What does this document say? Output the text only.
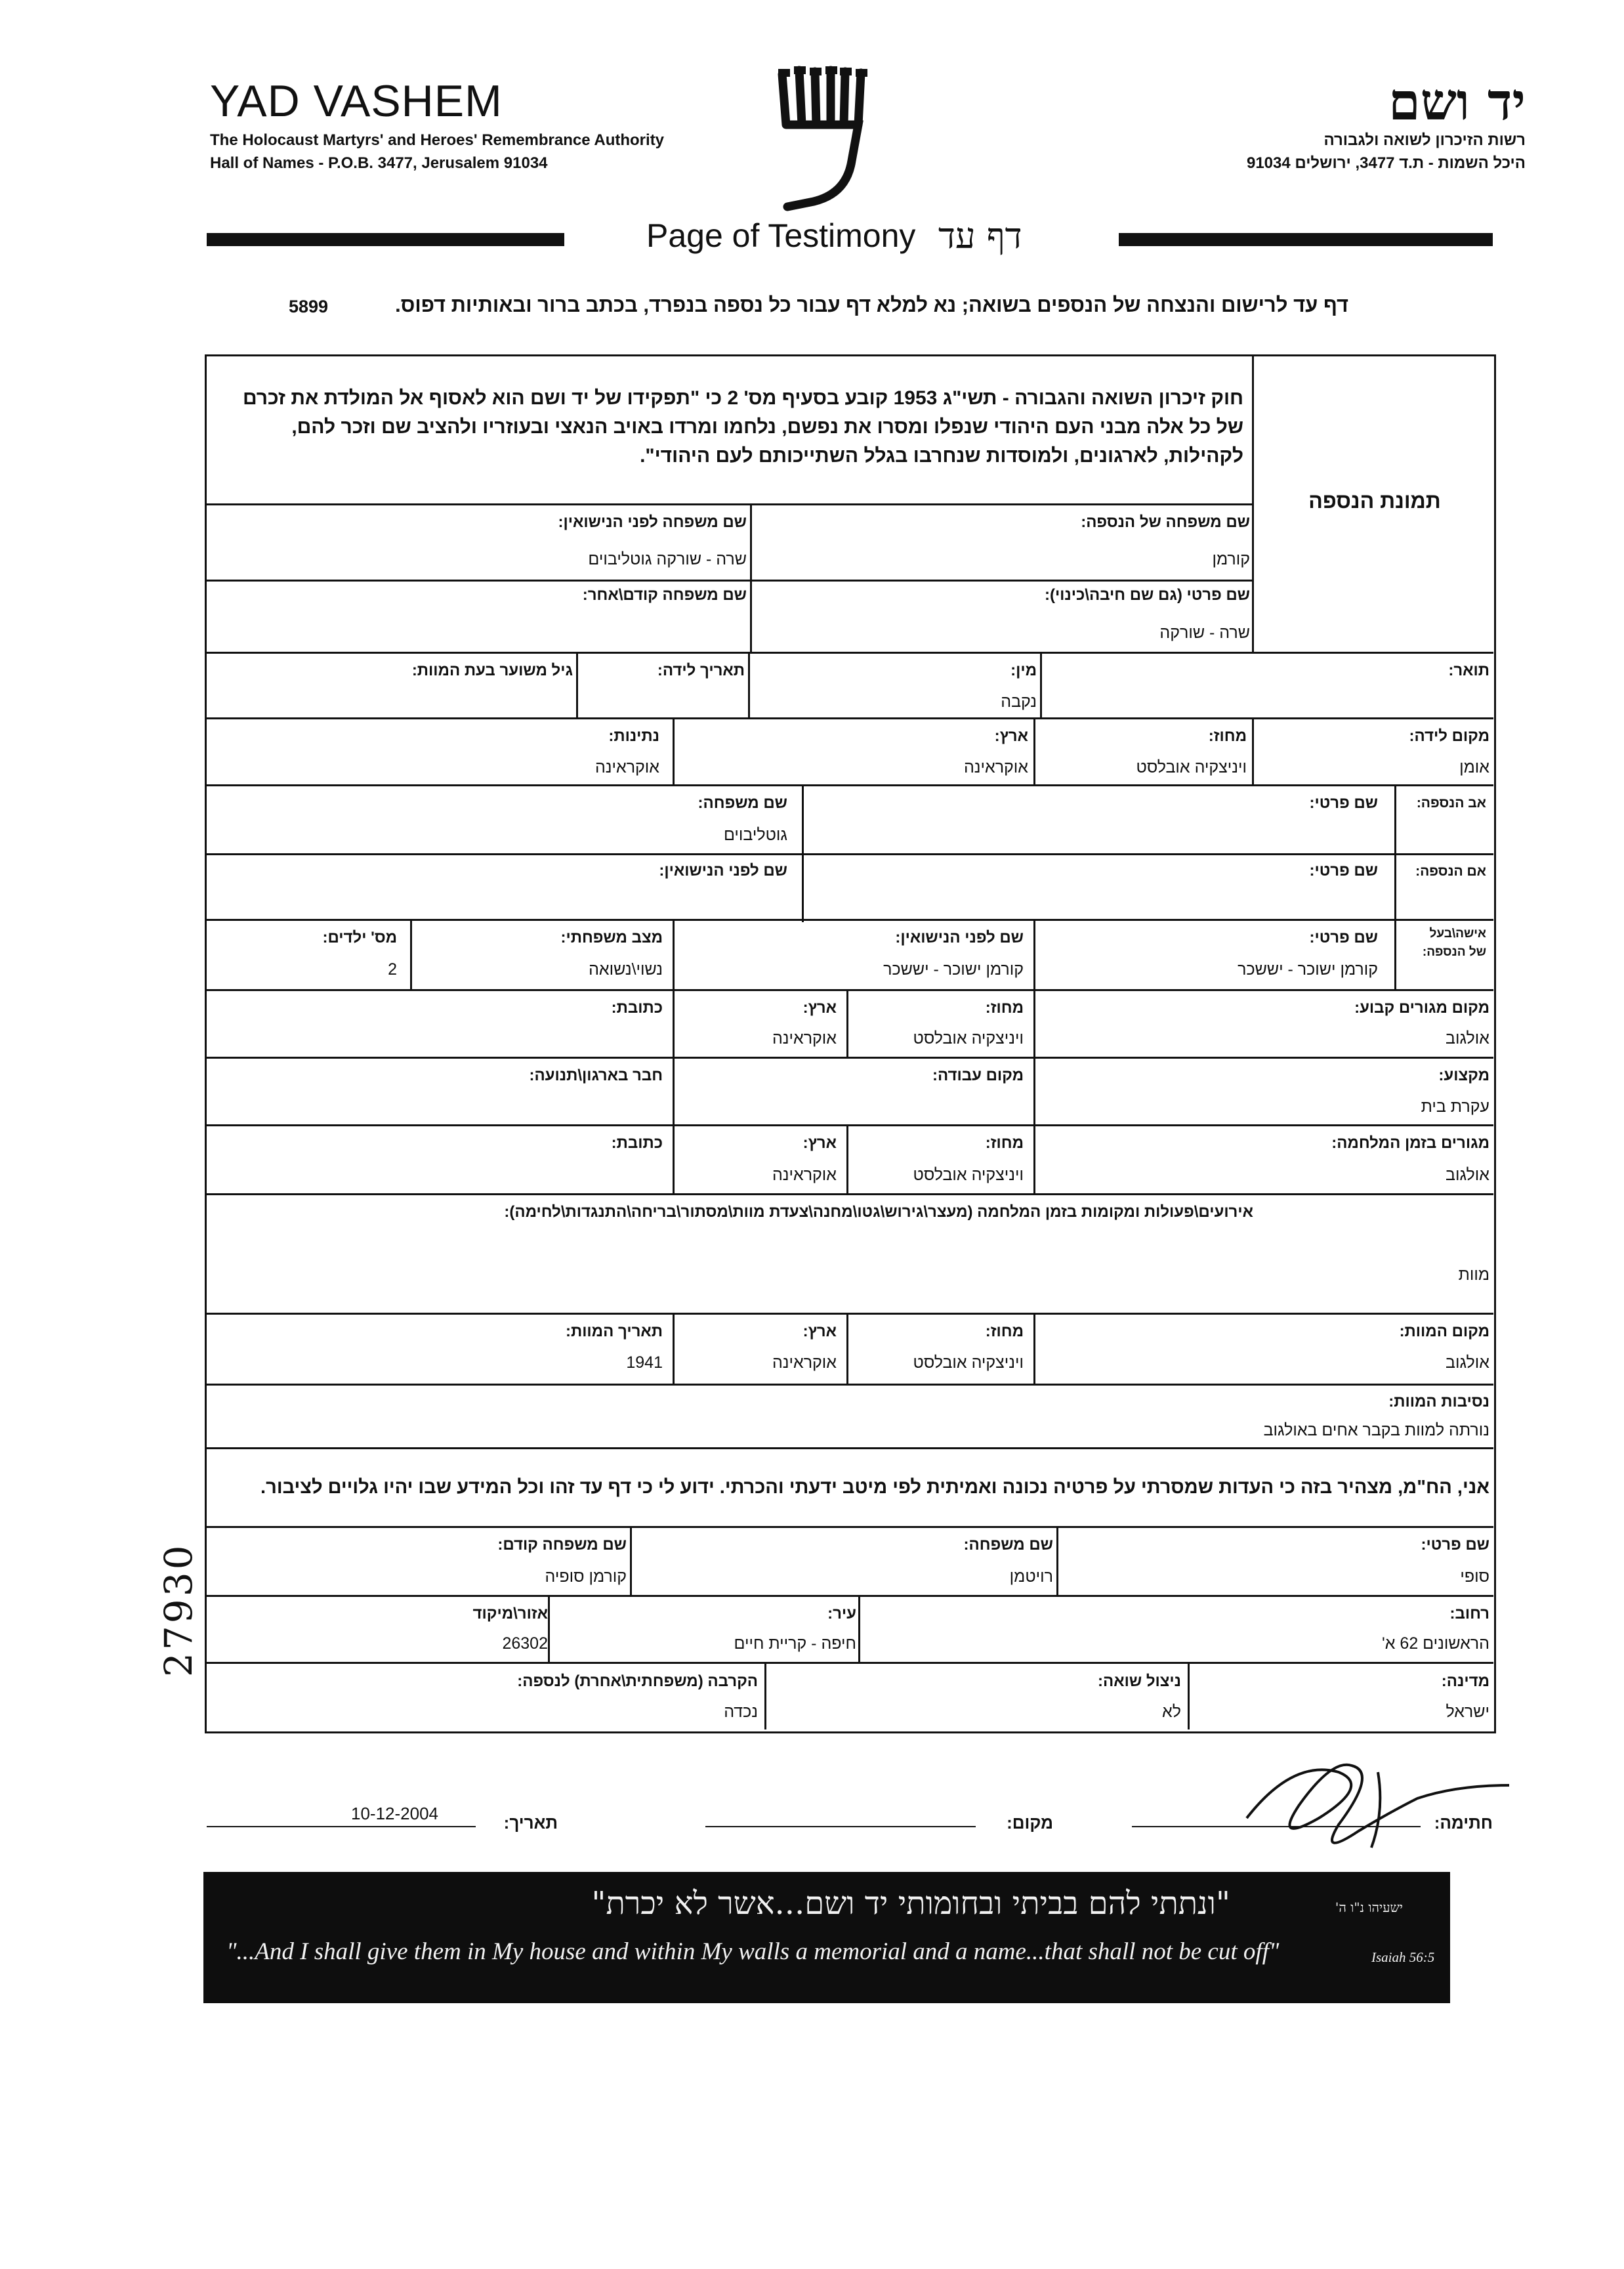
YAD VASHEM
The Holocaust Martyrs' and Heroes' Remembrance Authority
Hall of Names - P.O.B. 3477, Jerusalem 91034
יד ושם
רשות הזיכרון לשואה ולגבורה
היכל השמות - ת.ד 3477, ירושלים 91034
Page of Testimony דף עד
דף עד לרישום והנצחה של הנספים בשואה; נא למלא דף עבור כל נספה בנפרד, בכתב ברור ובאותיות דפוס.
5899
חוק זיכרון השואה והגבורה - תשי"ג 1953 קובע בסעיף מס' 2 כי "תפקידו של יד ושם הוא לאסוף אל המולדת את זכרם של כל אלה מבני העם היהודי שנפלו ומסרו את נפשם, נלחמו ומרדו באויב הנאצי ובעוזריו ולהציב שם וזכר להם, לקהילות, לארגונים, ולמוסדות שנחרבו בגלל השתייכותם לעם היהודי".
תמונת הנספה
שם משפחה של הנספה:
קורמן
שם משפחה לפני הנישואין:
שרה - שורקה גוטליבוים
שם פרטי (גם שם חיבה\כינוי):
שרה - שורקה
שם משפחה קודם\אחר:
תואר:
מין:
נקבה
תאריך לידה:
גיל משוער בעת המוות:
מקום לידה:
אומן
מחוז:
ויניצקיה אובלסט
ארץ:
אוקראינה
נתינות:
אוקראינה
אב הנספה:
שם פרטי:
שם משפחה:
גוטליבוים
אם הנספה:
שם פרטי:
שם לפני הנישואין:
אישה\בעל
של הנספה:
שם פרטי:
קורמן ישוכר - יששכר
שם לפני הנישואין:
קורמן ישוכר - יששכר
מצב משפחתי:
נשוי\נשואה
מס' ילדים:
2
מקום מגורים קבוע:
אולגוב
מחוז:
ויניצקיה אובלסט
ארץ:
אוקראינה
כתובת:
מקצוע:
עקרת בית
מקום עבודה:
חבר בארגון\תנועה:
מגורים בזמן המלחמה:
אולגוב
מחוז:
ויניצקיה אובלסט
ארץ:
אוקראינה
כתובת:
אירועים\פעולות ומקומות בזמן המלחמה (מעצר\גירוש\גטו\מחנה\צעדת מוות\מסתור\בריחה\התנגדות\לחימה):
מוות
מקום המוות:
אולגוב
מחוז:
ויניצקיה אובלסט
ארץ:
אוקראינה
תאריך המוות:
1941
נסיבות המוות:
נורתה למוות בקבר אחים באולגוב
אני, הח"מ, מצהיר בזה כי העדות שמסרתי על פרטיה נכונה ואמיתית לפי מיטב ידעתי והכרתי. ידוע לי כי דף עד זהו וכל המידע שבו יהיו גלויים לציבור.
שם פרטי:
סופי
שם משפחה:
רויטמן
שם משפחה קודם:
קורמן סופיה
רחוב:
הראשונים 62 א'
עיר:
חיפה - קריית חיים
אזור\מיקוד
26302
מדינה:
ישראל
ניצול שואה:
לא
הקרבה (משפחתית\אחרת) לנספה:
נכדה
27930
חתימה:
מקום:
תאריך:
10-12-2004
"ונתתי להם בביתי ובחומותי יד ושם...אשר לא יכרת"	ישעיהו נ"ו ה'
"...And I shall give them in My house and within My walls a memorial and a name...that shall not be cut off"	Isaiah 56:5
